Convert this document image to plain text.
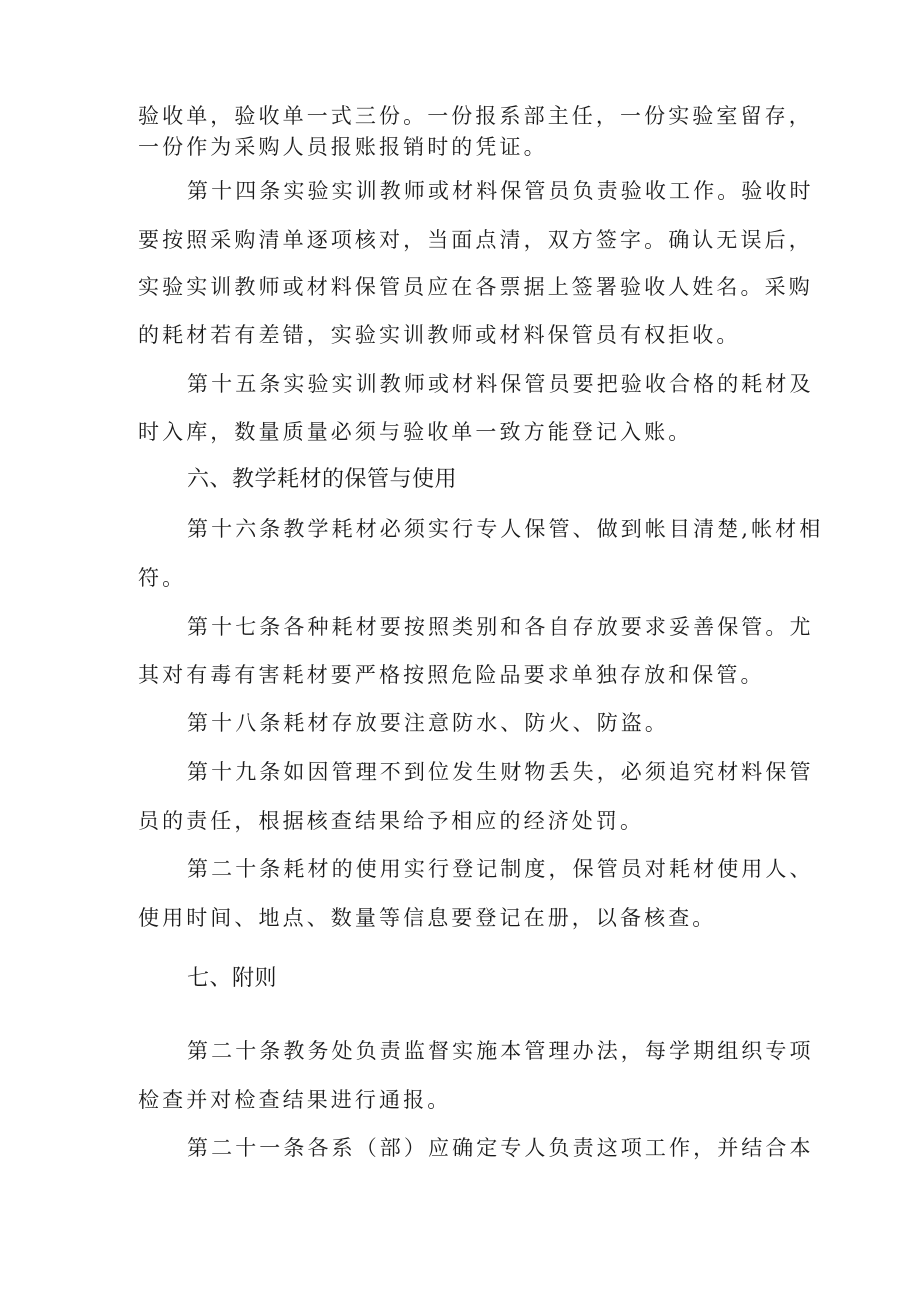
验收单，验收单一式三份。一份报系部主任，一份实验室留存，
一份作为采购人员报账报销时的凭证。
第十四条实验实训教师或材料保管员负责验收工作。验收时
要按照采购清单逐项核对，当面点清，双方签字。确认无误后，
实验实训教师或材料保管员应在各票据上签署验收人姓名。采购
的耗材若有差错，实验实训教师或材料保管员有权拒收。
第十五条实验实训教师或材料保管员要把验收合格的耗材及
时入库，数量质量必须与验收单一致方能登记入账。
六、教学耗材的保管与使用
第十六条教学耗材必须实行专人保管、做到帐目清楚,帐材相
符。
第十七条各种耗材要按照类别和各自存放要求妥善保管。尤
其对有毒有害耗材要严格按照危险品要求单独存放和保管。
第十八条耗材存放要注意防水、防火、防盗。
第十九条如因管理不到位发生财物丢失，必须追究材料保管
员的责任，根据核查结果给予相应的经济处罚。
第二十条耗材的使用实行登记制度，保管员对耗材使用人、
使用时间、地点、数量等信息要登记在册，以备核查。
七、附则
第二十条教务处负责监督实施本管理办法，每学期组织专项
检查并对检查结果进行通报。
第二十一条各系（部）应确定专人负责这项工作，并结合本
